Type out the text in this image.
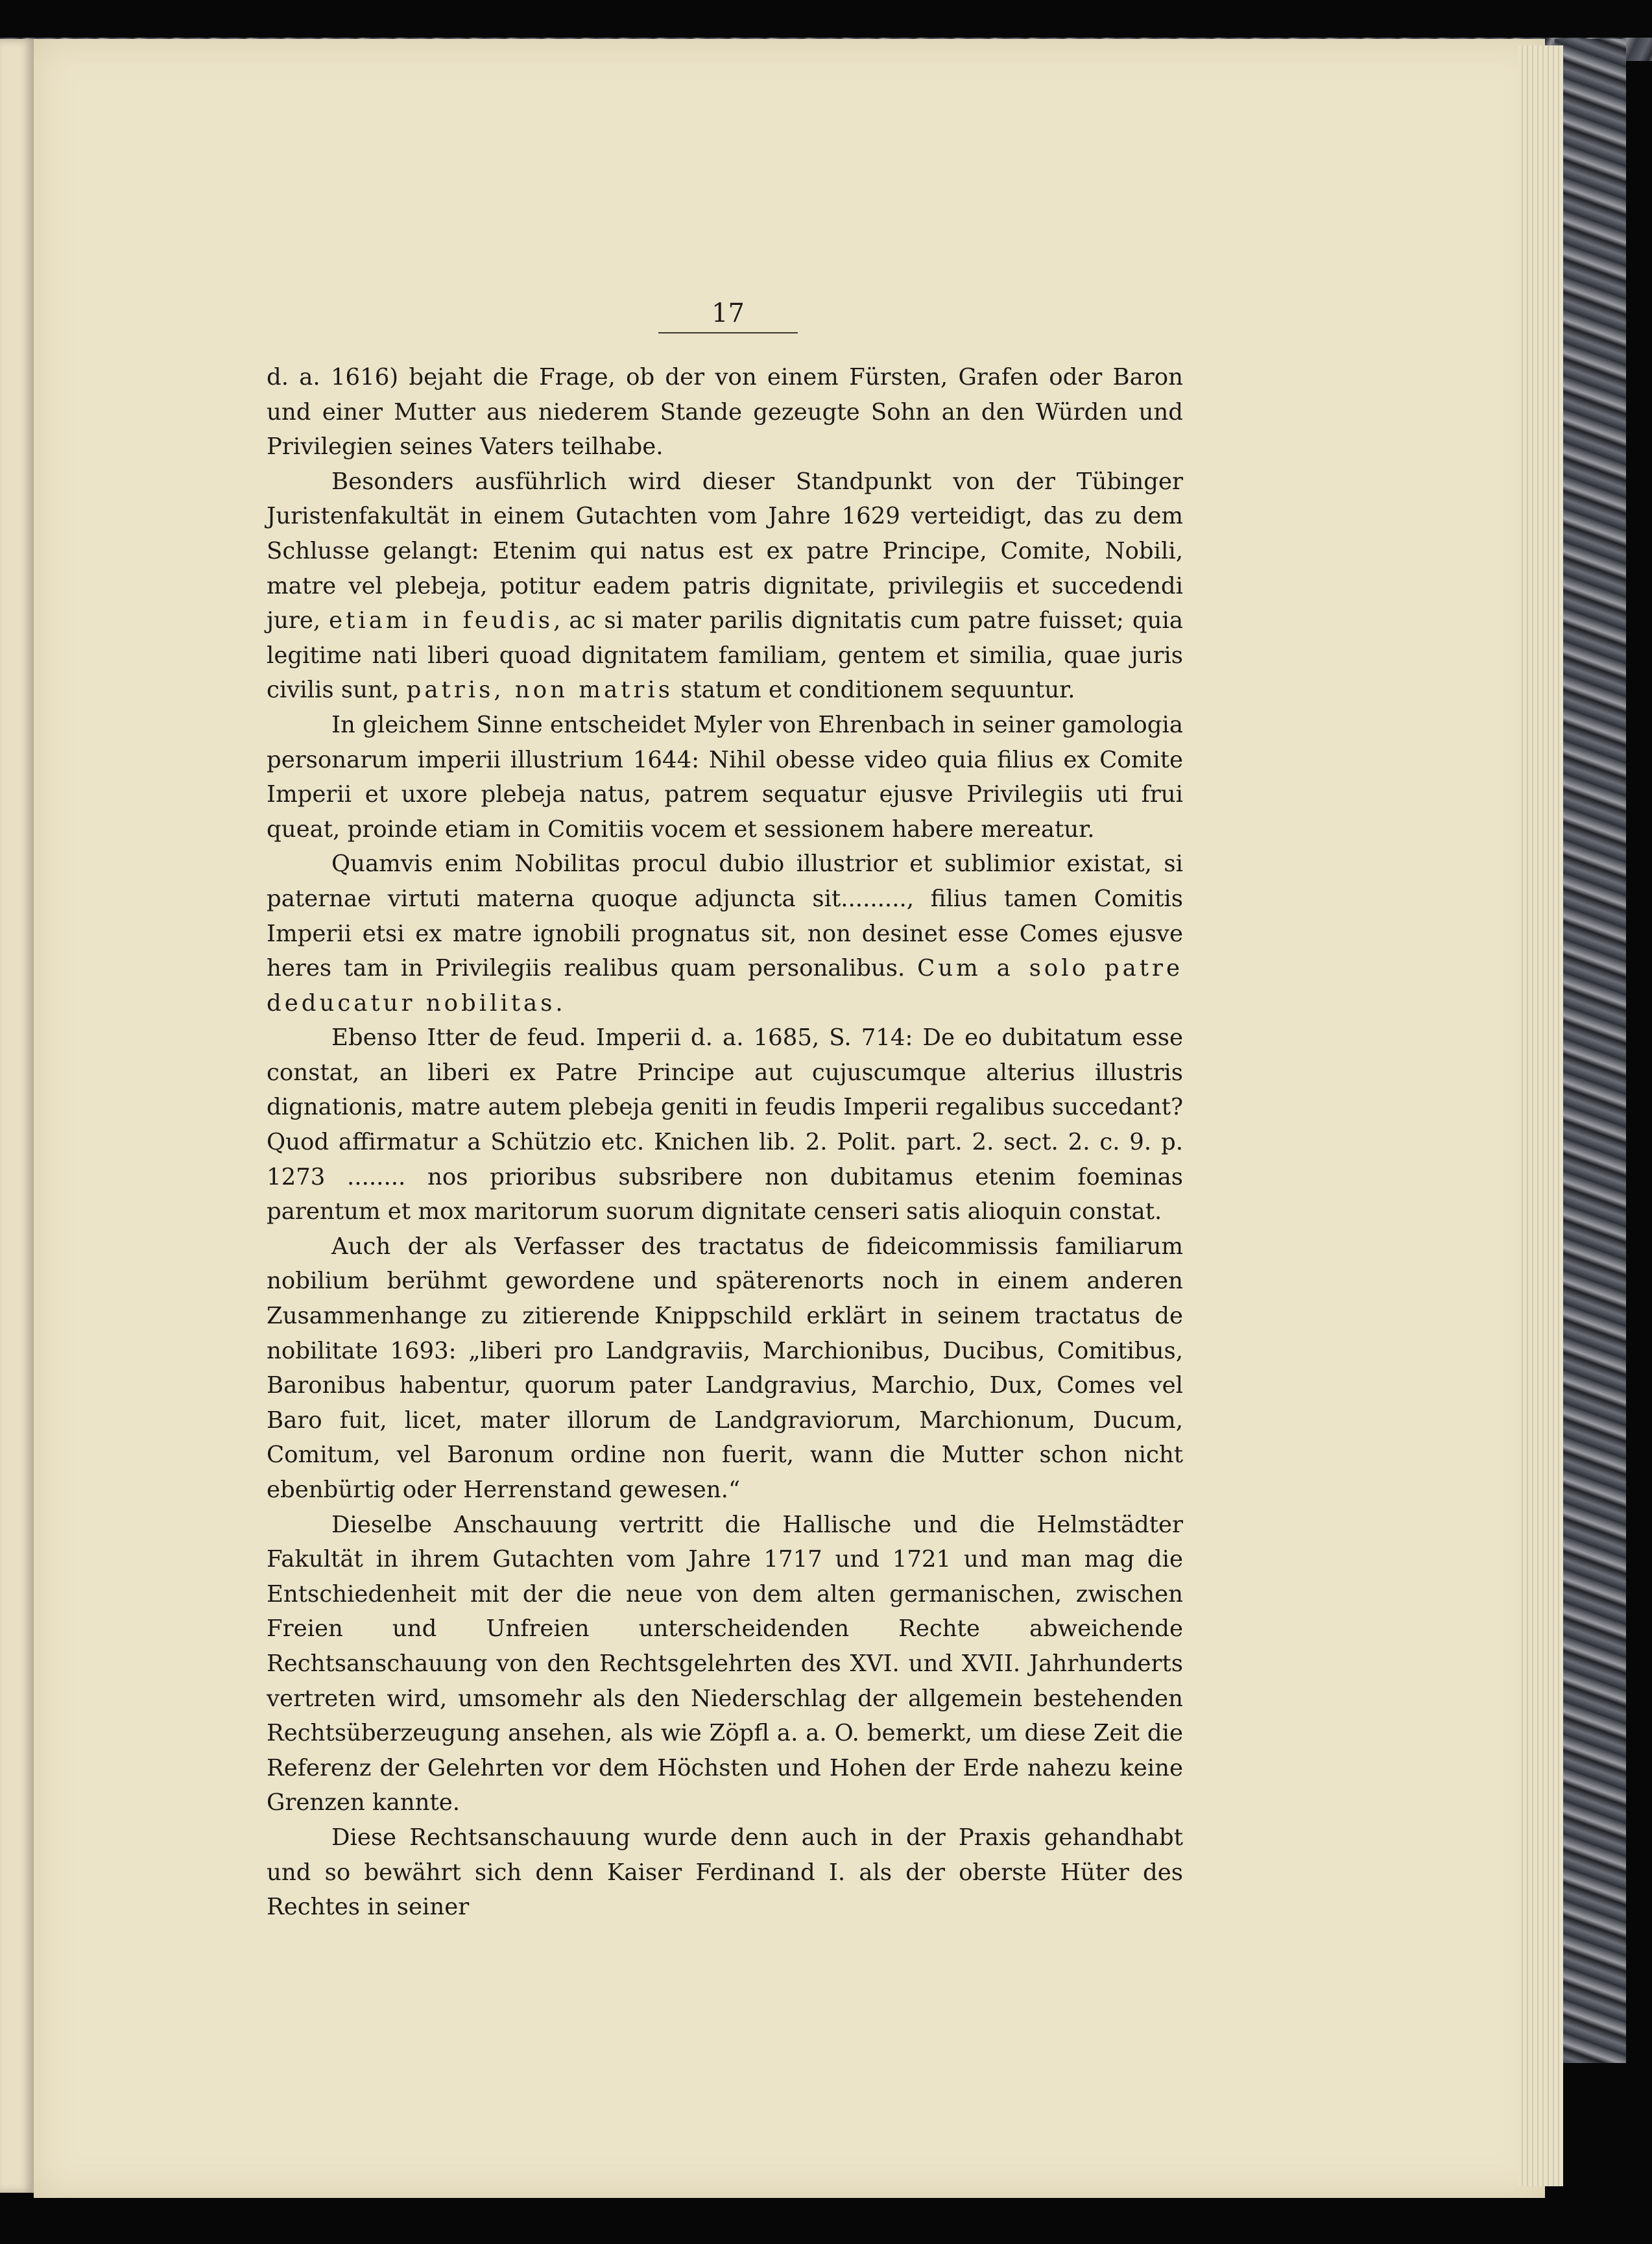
17

d. a. 1616) bejaht die Frage, ob der von einem Fürsten, Grafen oder Baron und einer Mutter aus niederem Stande gezeugte Sohn an den Würden und Privilegien seines Vaters teilhabe.

Besonders ausführlich wird dieser Standpunkt von der Tübinger Juristenfakultät in einem Gutachten vom Jahre 1629 verteidigt, das zu dem Schlusse gelangt: Etenim qui natus est ex patre Principe, Comite, Nobili, matre vel plebeja, potitur eadem patris dignitate, privilegiis et succedendi jure, etiam in feudis, ac si mater parilis dignitatis cum patre fuisset; quia legitime nati liberi quoad dignitatem familiam, gentem et similia, quae juris civilis sunt, patris, non matris statum et conditionem sequuntur.

In gleichem Sinne entscheidet Myler von Ehrenbach in seiner gamologia personarum imperii illustrium 1644: Nihil obesse video quia filius ex Comite Imperii et uxore plebeja natus, patrem sequatur ejusve Privilegiis uti frui queat, proinde etiam in Comitiis vocem et sessionem habere mereatur.

Quamvis enim Nobilitas procul dubio illustrior et sublimior existat, si paternae virtuti materna quoque adjuncta sit........., filius tamen Comitis Imperii etsi ex matre ignobili prognatus sit, non desinet esse Comes ejusve heres tam in Privilegiis realibus quam personalibus. Cum a solo patre deducatur nobilitas.

Ebenso Itter de feud. Imperii d. a. 1685, S. 714: De eo dubitatum esse constat, an liberi ex Patre Principe aut cujuscumque alterius illustris dignationis, matre autem plebeja geniti in feudis Imperii regalibus succedant? Quod affirmatur a Schützio etc. Knichen lib. 2. Polit. part. 2. sect. 2. c. 9. p. 1273 ........ nos prioribus subsribere non dubitamus etenim foeminas parentum et mox maritorum suorum dignitate censeri satis alioquin constat.

Auch der als Verfasser des tractatus de fideicommissis familiarum nobilium berühmt gewordene und späterenorts noch in einem anderen Zusammenhange zu zitierende Knippschild erklärt in seinem tractatus de nobilitate 1693: „liberi pro Landgraviis, Marchionibus, Ducibus, Comitibus, Baronibus habentur, quorum pater Landgravius, Marchio, Dux, Comes vel Baro fuit, licet, mater illorum de Landgraviorum, Marchionum, Ducum, Comitum, vel Baronum ordine non fuerit, wann die Mutter schon nicht ebenbürtig oder Herrenstand gewesen.“

Dieselbe Anschauung vertritt die Hallische und die Helmstädter Fakultät in ihrem Gutachten vom Jahre 1717 und 1721 und man mag die Entschiedenheit mit der die neue von dem alten germanischen, zwischen Freien und Unfreien unterscheidenden Rechte abweichende Rechtsanschauung von den Rechtsgelehrten des XVI. und XVII. Jahrhunderts vertreten wird, umsomehr als den Niederschlag der allgemein bestehenden Rechtsüberzeugung ansehen, als wie Zöpfl a. a. O. bemerkt, um diese Zeit die Referenz der Gelehrten vor dem Höchsten und Hohen der Erde nahezu keine Grenzen kannte.

Diese Rechtsanschauung wurde denn auch in der Praxis gehandhabt und so bewährt sich denn Kaiser Ferdinand I. als der oberste Hüter des Rechtes in seiner
